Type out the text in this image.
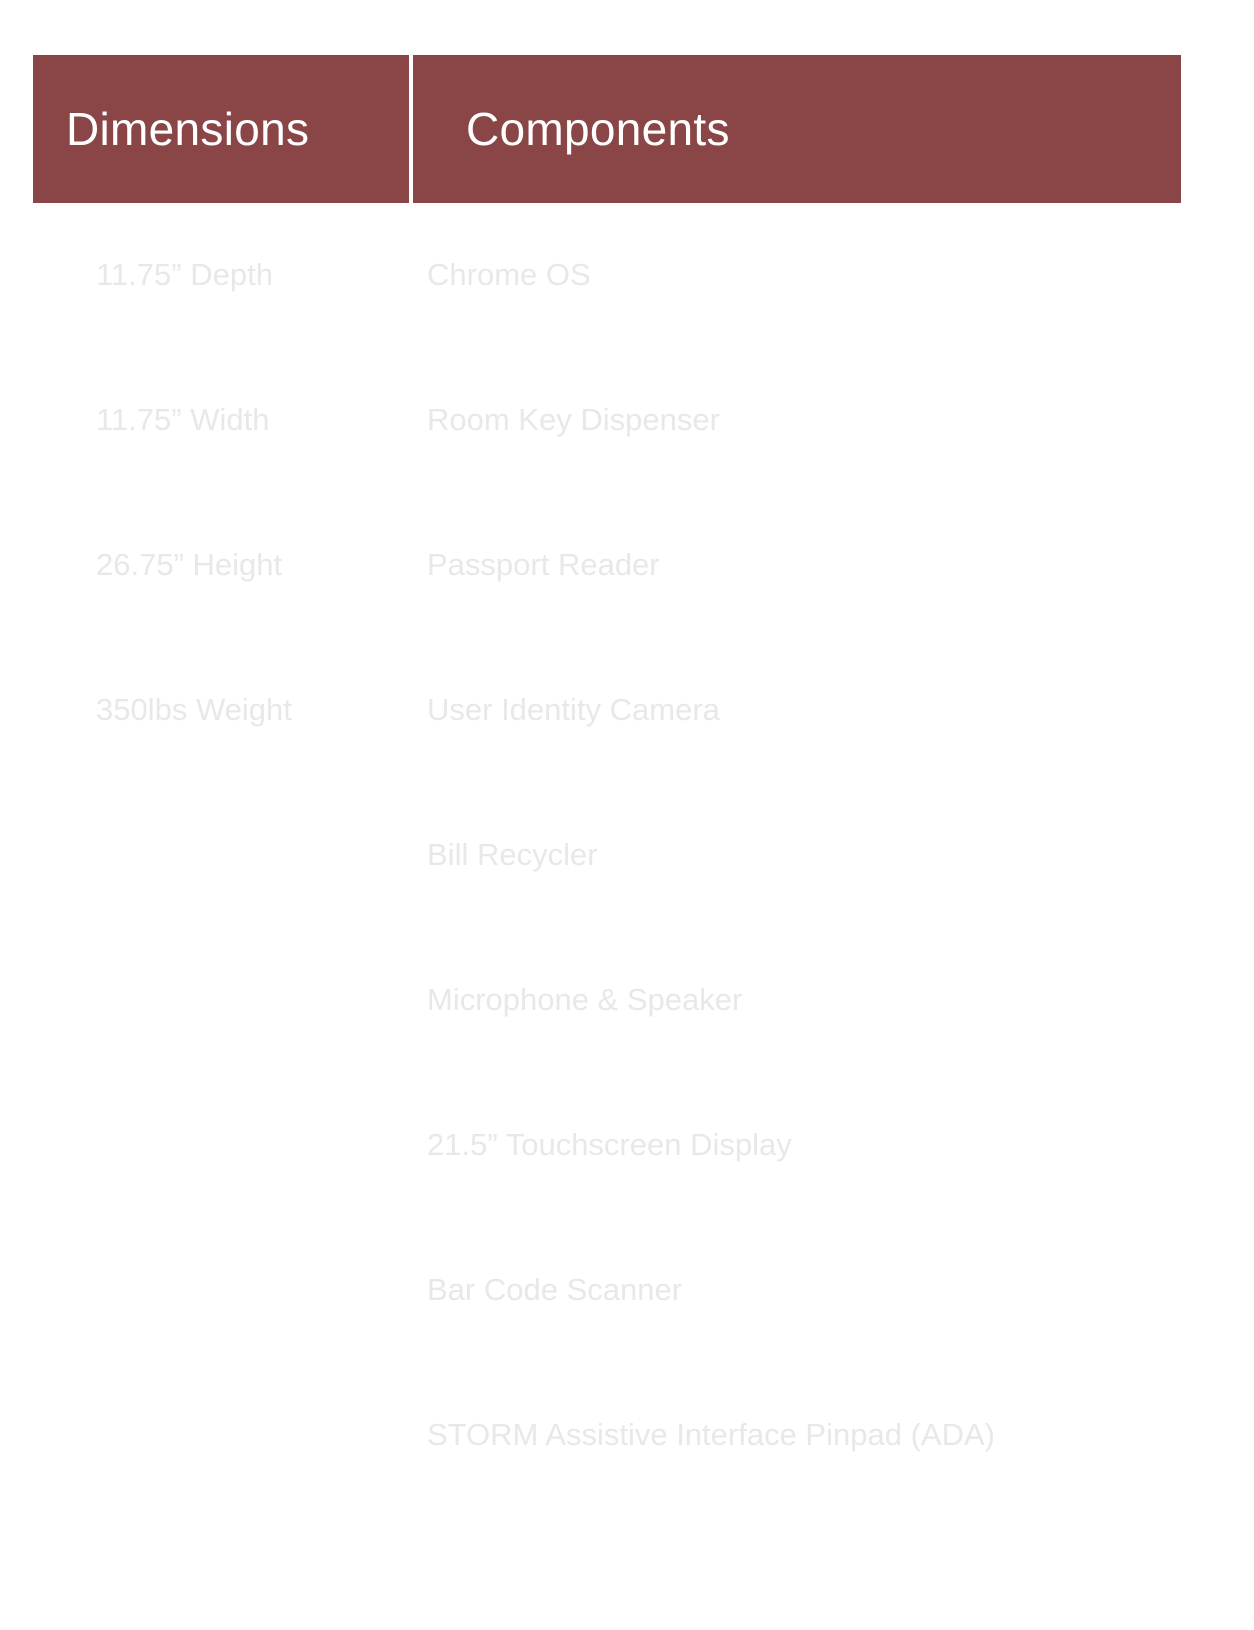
Dimensions	Components
11.75” Depth
11.75” Width
26.75” Height
350lbs Weight
Chrome OS
Room Key Dispenser
Passport Reader
User Identity Camera
Bill Recycler
Microphone & Speaker
21.5” Touchscreen Display
Bar Code Scanner
STORM Assistive Interface Pinpad (ADA)
